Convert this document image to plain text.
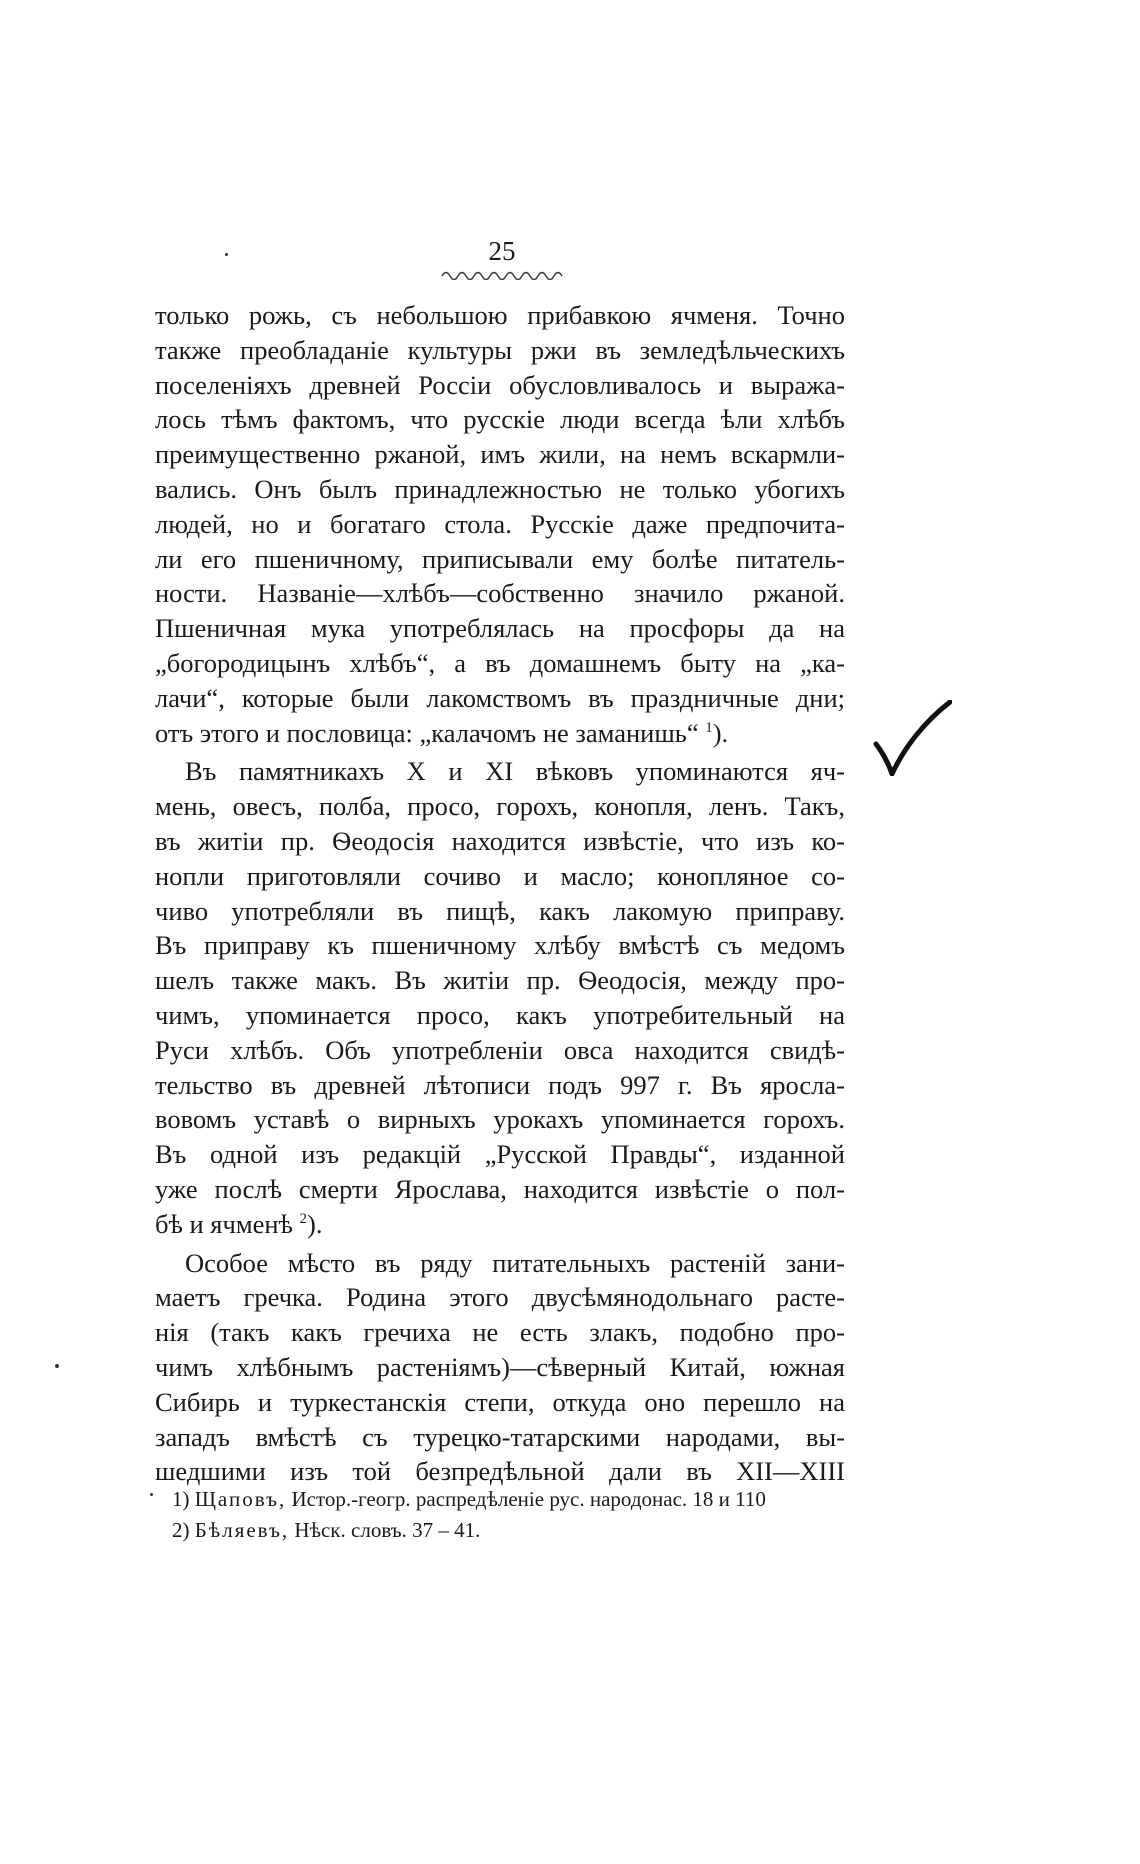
25
только рожь, съ небольшою прибавкою ячменя. Точно
также преобладаніе культуры ржи въ земледѣльческихъ
поселеніяхъ древней Россіи обусловливалось и выража-
лось тѣмъ фактомъ, что русскіе люди всегда ѣли хлѣбъ
преимущественно ржаной, имъ жили, на немъ вскармли-
вались. Онъ былъ принадлежностью не только убогихъ
людей, но и богатаго стола. Русскіе даже предпочита-
ли его пшеничному, приписывали ему болѣе питатель-
ности. Названіе—хлѣбъ—собственно значило ржаной.
Пшеничная мука употреблялась на просфоры да на
„богородицынъ хлѣбъ“, а въ домашнемъ быту на „ка-
лачи“, которые были лакомствомъ въ праздничные дни;
отъ этого и пословица: „калачомъ не заманишь“ $^1$).
Въ памятникахъ X и XI вѣковъ упоминаются яч-
мень, овесъ, полба, просо, горохъ, конопля, ленъ. Такъ,
въ житіи пр. Ѳеодосія находится извѣстіе, что изъ ко-
нопли приготовляли сочиво и масло; конопляное со-
чиво употребляли въ пищѣ, какъ лакомую приправу.
Въ приправу къ пшеничному хлѣбу вмѣстѣ съ медомъ
шелъ также макъ. Въ житіи пр. Ѳеодосія, между про-
чимъ, упоминается просо, какъ употребительный на
Руси хлѣбъ. Объ употребленіи овса находится свидѣ-
тельство въ древней лѣтописи подъ 997 г. Въ яросла-
вовомъ уставѣ о вирныхъ урокахъ упоминается горохъ.
Въ одной изъ редакцій „Русской Правды“, изданной
уже послѣ смерти Ярослава, находится извѣстіе о пол-
бѣ и ячменѣ $^2$).
Особое мѣсто въ ряду питательныхъ растеній зани-
маетъ гречка. Родина этого двусѣмянодольнаго расте-
нія (такъ какъ гречиха не есть злакъ, подобно про-
чимъ хлѣбнымъ растеніямъ)—сѣверный Китай, южная
Сибирь и туркестанскія степи, откуда оно перешло на
западъ вмѣстѣ съ турецко-татарскими народами, вы-
шедшими изъ той безпредѣльной дали въ XII—XIII
1) Щаповъ, Истор.-геогр. распредѣленіе рус. народонас. 18 и 110
2) Бѣляевъ, Нѣск. словъ. 37 – 41.
